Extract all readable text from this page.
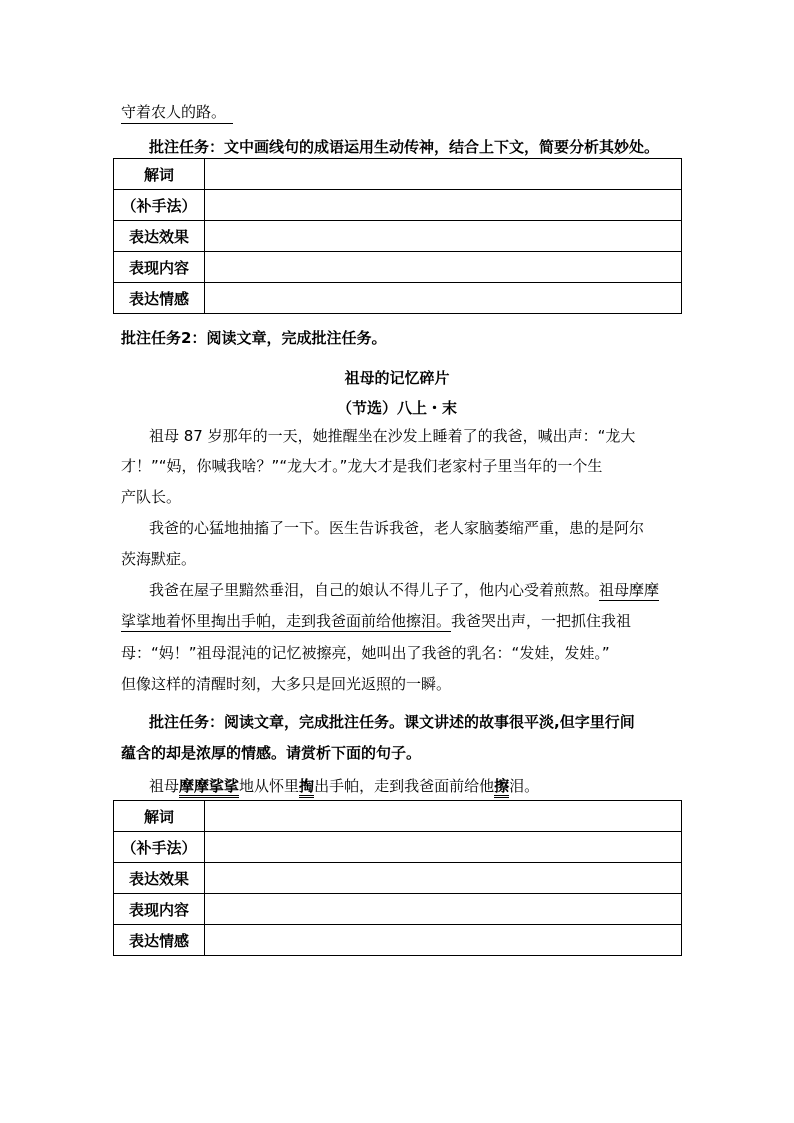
守着农人的路。
批注任务：文中画线句的成语运用生动传神，结合上下文，简要分析其妙处。
解词	
（补手法）	
表达效果	
表现内容	
表达情感	
批注任务2：阅读文章，完成批注任务。
祖母的记忆碎片
（节选）八上・末
祖母 87 岁那年的一天，她推醒坐在沙发上睡着了的我爸，喊出声：“龙大
才！”“妈，你喊我啥？”“龙大才。”龙大才是我们老家村子里当年的一个生
产队长。
我爸的心猛地抽搐了一下。医生告诉我爸，老人家脑萎缩严重，患的是阿尔
茨海默症。
我爸在屋子里黯然垂泪，自己的娘认不得儿子了，他内心受着煎熬。祖母摩摩
挲挲地着怀里掏出手帕，走到我爸面前给他擦泪。我爸哭出声，一把抓住我祖
母：“妈！”祖母混沌的记忆被擦亮，她叫出了我爸的乳名：“发娃，发娃。”
但像这样的清醒时刻，大多只是回光返照的一瞬。
批注任务：阅读文章，完成批注任务。课文讲述的故事很平淡,但字里行间
蕴含的却是浓厚的情感。请赏析下面的句子。
祖母摩摩挲挲地从怀里掏出手帕，走到我爸面前给他擦泪。
解词	
（补手法）	
表达效果	
表现内容	
表达情感	
